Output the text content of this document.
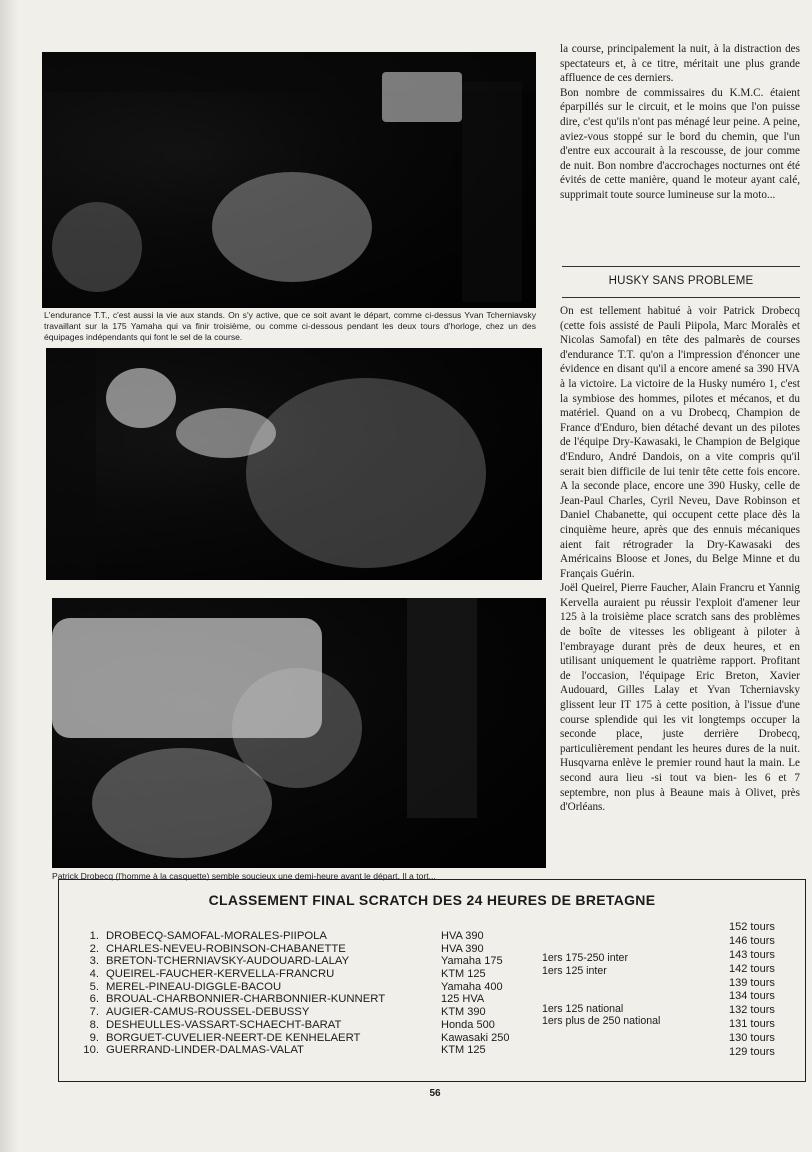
L'endurance T.T., c'est aussi la vie aux stands. On s'y active, que ce soit avant le départ, comme ci-dessus Yvan Tcherniavsky travaillant sur la 175 Yamaha qui va finir troisième, ou comme ci-dessous pendant les deux tours d'horloge, chez un des équipages indépendants qui font le sel de la course.
Patrick Drobecq (l'homme à la casquette) semble soucieux une demi-heure avant le départ. Il a tort...

la course, principalement la nuit, à la distraction des spectateurs et, à ce titre, méritait une plus grande affluence de ces derniers.

Bon nombre de commissaires du K.M.C. étaient éparpillés sur le circuit, et le moins que l'on puisse dire, c'est qu'ils n'ont pas ménagé leur peine. A peine, aviez-vous stoppé sur le bord du chemin, que l'un d'entre eux accourait à la rescousse, de jour comme de nuit. Bon nombre d'accrochages nocturnes ont été évités de cette manière, quand le moteur ayant calé, supprimait toute source lumineuse sur la moto...

HUSKY SANS PROBLEME

On est tellement habitué à voir Patrick Drobecq (cette fois assisté de Pauli Piipola, Marc Moralès et Nicolas Samofal) en tête des palmarès de courses d'endurance T.T. qu'on a l'impression d'énoncer une évidence en disant qu'il a encore amené sa 390 HVA à la victoire. La victoire de la Husky numéro 1, c'est la symbiose des hommes, pilotes et mécanos, et du matériel. Quand on a vu Drobecq, Champion de France d'Enduro, bien détaché devant un des pilotes de l'équipe Dry-Kawasaki, le Champion de Belgique d'Enduro, André Dandois, on a vite compris qu'il serait bien difficile de lui tenir tête cette fois encore. A la seconde place, encore une 390 Husky, celle de Jean-Paul Charles, Cyril Neveu, Dave Robinson et Daniel Chabanette, qui occupent cette place dès la cinquième heure, après que des ennuis mécaniques aient fait rétrograder la Dry-Kawasaki des Américains Bloose et Jones, du Belge Minne et du Français Guérin.

Joël Queirel, Pierre Faucher, Alain Francru et Yannig Kervella auraient pu réussir l'exploit d'amener leur 125 à la troisième place scratch sans des problèmes de boîte de vitesses les obligeant à piloter à l'embrayage durant près de deux heures, et en utilisant uniquement le quatrième rapport. Profitant de l'occasion, l'équipage Eric Breton, Xavier Audouard, Gilles Lalay et Yvan Tcherniavsky glissent leur IT 175 à cette position, à l'issue d'une course splendide qui les vit longtemps occuper la seconde place, juste derrière Drobecq, particulièrement pendant les heures dures de la nuit. Husqvarna enlève le premier round haut la main. Le second aura lieu -si tout va bien- les 6 et 7 septembre, non plus à Beaune mais à Olivet, près d'Orléans.

CLASSEMENT FINAL SCRATCH DES 24 HEURES DE BRETAGNE
1. DROBECQ-SAMOFAL-MORALES-PIIPOLA
2. CHARLES-NEVEU-ROBINSON-CHABANETTE
3. BRETON-TCHERNIAVSKY-AUDOUARD-LALAY
4. QUEIREL-FAUCHER-KERVELLA-FRANCRU
5. MEREL-PINEAU-DIGGLE-BACOU
6. BROUAL-CHARBONNIER-CHARBONNIER-KUNNERT
7. AUGIER-CAMUS-ROUSSEL-DEBUSSY
8. DESHEULLES-VASSART-SCHAECHT-BARAT
9. BORGUET-CUVELIER-NEERT-DE KENHELAERT
10. GUERRAND-LINDER-DALMAS-VALAT
HVA 390
HVA 390
Yamaha 175
KTM 125
Yamaha 400
125 HVA
KTM 390
Honda 500
Kawasaki 250
KTM 125
1ers 175-250 inter
1ers 125 inter
1ers 125 national
1ers plus de 250 national
152 tours
146 tours
143 tours
142 tours
139 tours
134 tours
132 tours
131 tours
130 tours
129 tours
56
